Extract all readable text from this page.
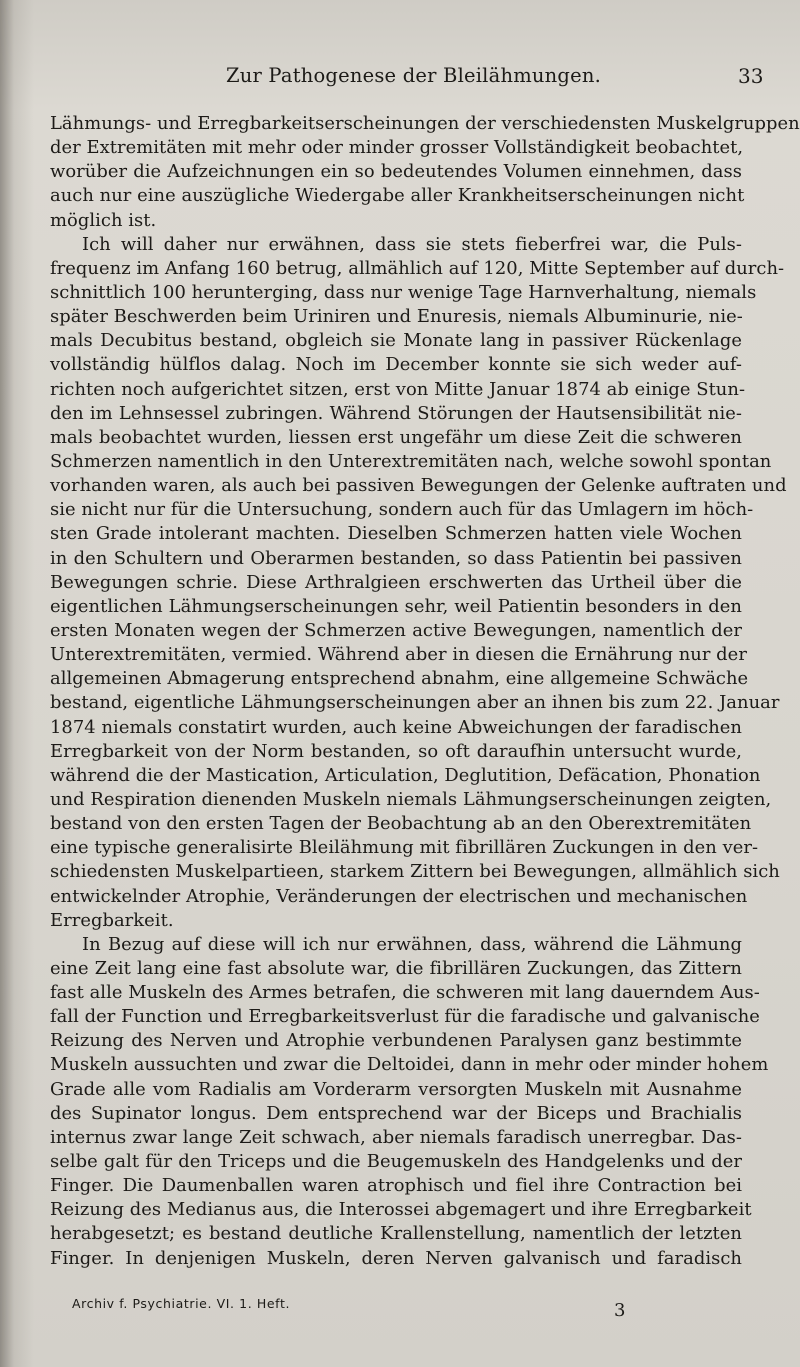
Zur Pathogenese der Bleilähmungen.	33
Lähmungs- und Erregbarkeitserscheinungen der verschiedensten Muskelgruppen
der Extremitäten mit mehr oder minder grosser Vollständigkeit beobachtet,
worüber die Aufzeichnungen ein so bedeutendes Volumen einnehmen, dass
auch nur eine auszügliche Wiedergabe aller Krankheitserscheinungen nicht
möglich ist.
Ich will daher nur erwähnen, dass sie stets fieberfrei war, die Puls-
frequenz im Anfang 160 betrug, allmählich auf 120, Mitte September auf durch-
schnittlich 100 herunterging, dass nur wenige Tage Harnverhaltung, niemals
später Beschwerden beim Uriniren und Enuresis, niemals Albuminurie, nie-
mals Decubitus bestand, obgleich sie Monate lang in passiver Rückenlage
vollständig hülflos dalag. Noch im December konnte sie sich weder auf-
richten noch aufgerichtet sitzen, erst von Mitte Januar 1874 ab einige Stun-
den im Lehnsessel zubringen. Während Störungen der Hautsensibilität nie-
mals beobachtet wurden, liessen erst ungefähr um diese Zeit die schweren
Schmerzen namentlich in den Unterextremitäten nach, welche sowohl spontan
vorhanden waren, als auch bei passiven Bewegungen der Gelenke auftraten und
sie nicht nur für die Untersuchung, sondern auch für das Umlagern im höch-
sten Grade intolerant machten. Dieselben Schmerzen hatten viele Wochen
in den Schultern und Oberarmen bestanden, so dass Patientin bei passiven
Bewegungen schrie. Diese Arthralgieen erschwerten das Urtheil über die
eigentlichen Lähmungserscheinungen sehr, weil Patientin besonders in den
ersten Monaten wegen der Schmerzen active Bewegungen, namentlich der
Unterextremitäten, vermied. Während aber in diesen die Ernährung nur der
allgemeinen Abmagerung entsprechend abnahm, eine allgemeine Schwäche
bestand, eigentliche Lähmungserscheinungen aber an ihnen bis zum 22. Januar
1874 niemals constatirt wurden, auch keine Abweichungen der faradischen
Erregbarkeit von der Norm bestanden, so oft daraufhin untersucht wurde,
während die der Mastication, Articulation, Deglutition, Defäcation, Phonation
und Respiration dienenden Muskeln niemals Lähmungserscheinungen zeigten,
bestand von den ersten Tagen der Beobachtung ab an den Oberextremitäten
eine typische generalisirte Bleilähmung mit fibrillären Zuckungen in den ver-
schiedensten Muskelpartieen, starkem Zittern bei Bewegungen, allmählich sich
entwickelnder Atrophie, Veränderungen der electrischen und mechanischen
Erregbarkeit.
In Bezug auf diese will ich nur erwähnen, dass, während die Lähmung
eine Zeit lang eine fast absolute war, die fibrillären Zuckungen, das Zittern
fast alle Muskeln des Armes betrafen, die schweren mit lang dauerndem Aus-
fall der Function und Erregbarkeitsverlust für die faradische und galvanische
Reizung des Nerven und Atrophie verbundenen Paralysen ganz bestimmte
Muskeln aussuchten und zwar die Deltoidei, dann in mehr oder minder hohem
Grade alle vom Radialis am Vorderarm versorgten Muskeln mit Ausnahme
des Supinator longus. Dem entsprechend war der Biceps und Brachialis
internus zwar lange Zeit schwach, aber niemals faradisch unerregbar. Das-
selbe galt für den Triceps und die Beugemuskeln des Handgelenks und der
Finger. Die Daumenballen waren atrophisch und fiel ihre Contraction bei
Reizung des Medianus aus, die Interossei abgemagert und ihre Erregbarkeit
herabgesetzt; es bestand deutliche Krallenstellung, namentlich der letzten
Finger. In denjenigen Muskeln, deren Nerven galvanisch und faradisch
Archiv f. Psychiatrie. VI. 1. Heft.	3
